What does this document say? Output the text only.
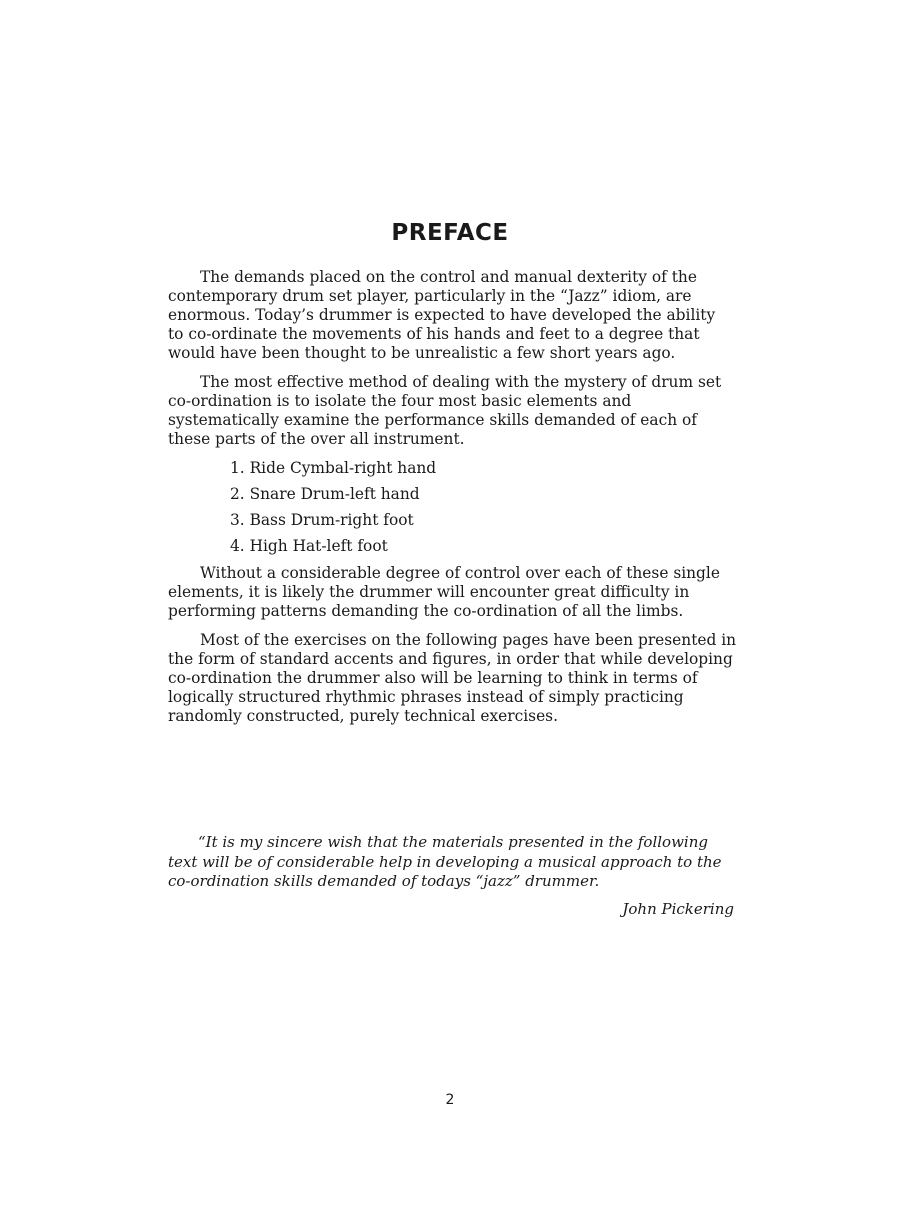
PREFACE

The demands placed on the control and manual dexterity of the
contemporary drum set player, particularly in the “Jazz” idiom, are
enormous. Today’s drummer is expected to have developed the ability
to co-ordinate the movements of his hands and feet to a degree that
would have been thought to be unrealistic a few short years ago.

The most effective method of dealing with the mystery of drum set
co-ordination is to isolate the four most basic elements and
systematically examine the performance skills demanded of each of
these parts of the over all instrument.

1. Ride Cymbal-right hand
2. Snare Drum-left hand
3. Bass Drum-right foot
4. High Hat-left foot

Without a considerable degree of control over each of these single
elements, it is likely the drummer will encounter great difficulty in
performing patterns demanding the co-ordination of all the limbs.

Most of the exercises on the following pages have been presented in
the form of standard accents and figures, in order that while developing
co-ordination the drummer also will be learning to think in terms of
logically structured rhythmic phrases instead of simply practicing
randomly constructed, purely technical exercises.

“It is my sincere wish that the materials presented in the following
text will be of considerable help in developing a musical approach to the
co-ordination skills demanded of todays “jazz” drummer.
John Pickering
2
